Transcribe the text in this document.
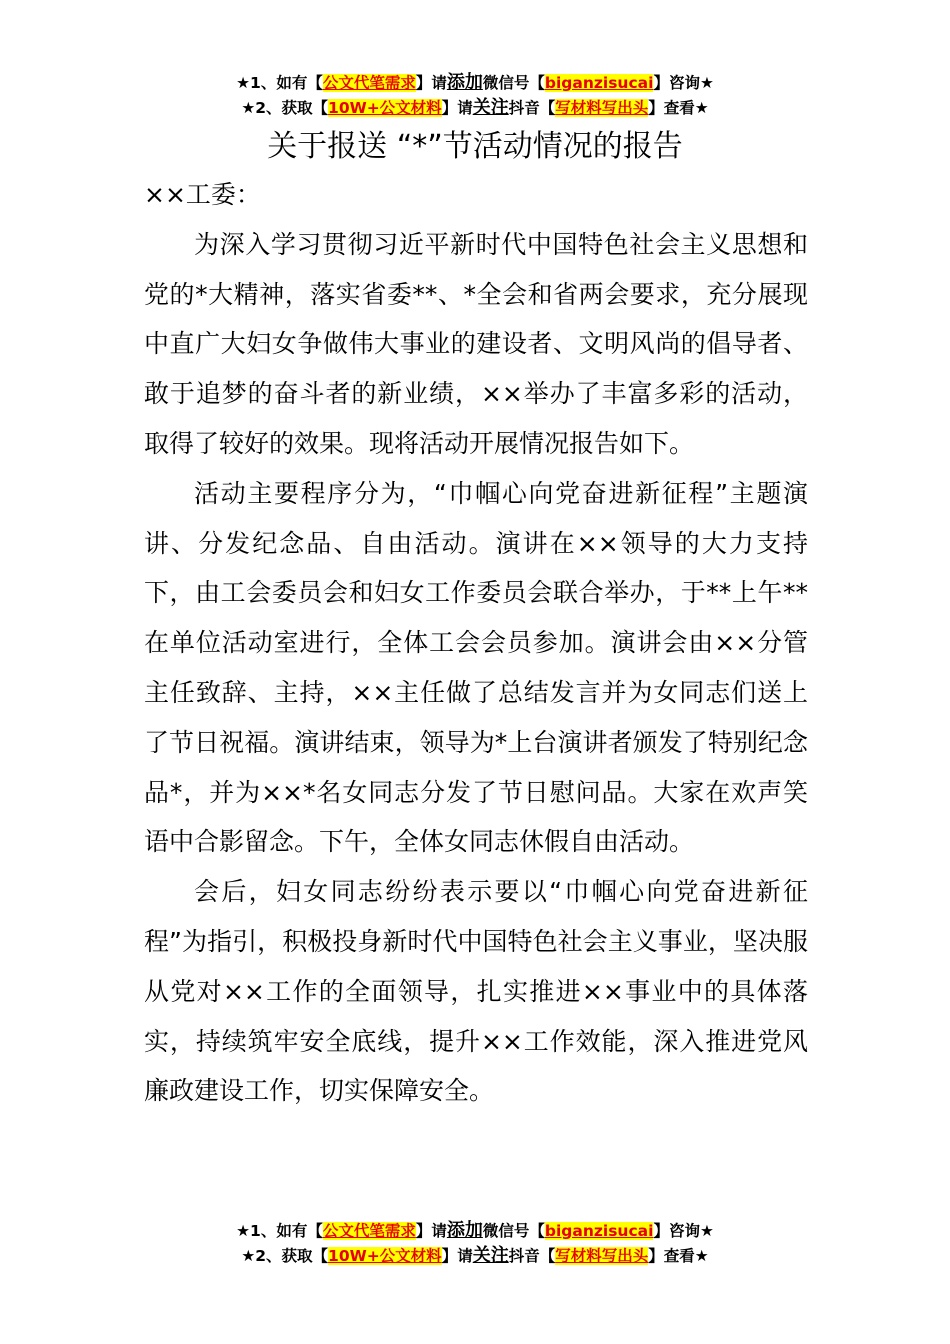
★1、如有【公文代笔需求】请添加微信号【biganzisucai】咨询★
★2、获取【10W+公文材料】请关注抖音【写材料写出头】查看★
关于报送 “*”节活动情况的报告

××工委：

为深入学习贯彻习近平新时代中国特色社会主义思想和党的*大精神，落实省委**、*全会和省两会要求，充分展现中直广大妇女争做伟大事业的建设者、文明风尚的倡导者、敢于追梦的奋斗者的新业绩，××举办了丰富多彩的活动，取得了较好的效果。现将活动开展情况报告如下。

活动主要程序分为，“巾帼心向党奋进新征程”主题演讲、分发纪念品、自由活动。演讲在××领导的大力支持下，由工会委员会和妇女工作委员会联合举办，于**上午**在单位活动室进行，全体工会会员参加。演讲会由××分管主任致辞、主持，××主任做了总结发言并为女同志们送上了节日祝福。演讲结束，领导为*上台演讲者颁发了特别纪念品*，并为××*名女同志分发了节日慰问品。大家在欢声笑语中合影留念。下午，全体女同志休假自由活动。

会后，妇女同志纷纷表示要以“巾帼心向党奋进新征程”为指引，积极投身新时代中国特色社会主义事业，坚决服从党对××工作的全面领导，扎实推进××事业中的具体落实，持续筑牢安全底线，提升××工作效能，深入推进党风廉政建设工作，切实保障安全。

★1、如有【公文代笔需求】请添加微信号【biganzisucai】咨询★
★2、获取【10W+公文材料】请关注抖音【写材料写出头】查看★
